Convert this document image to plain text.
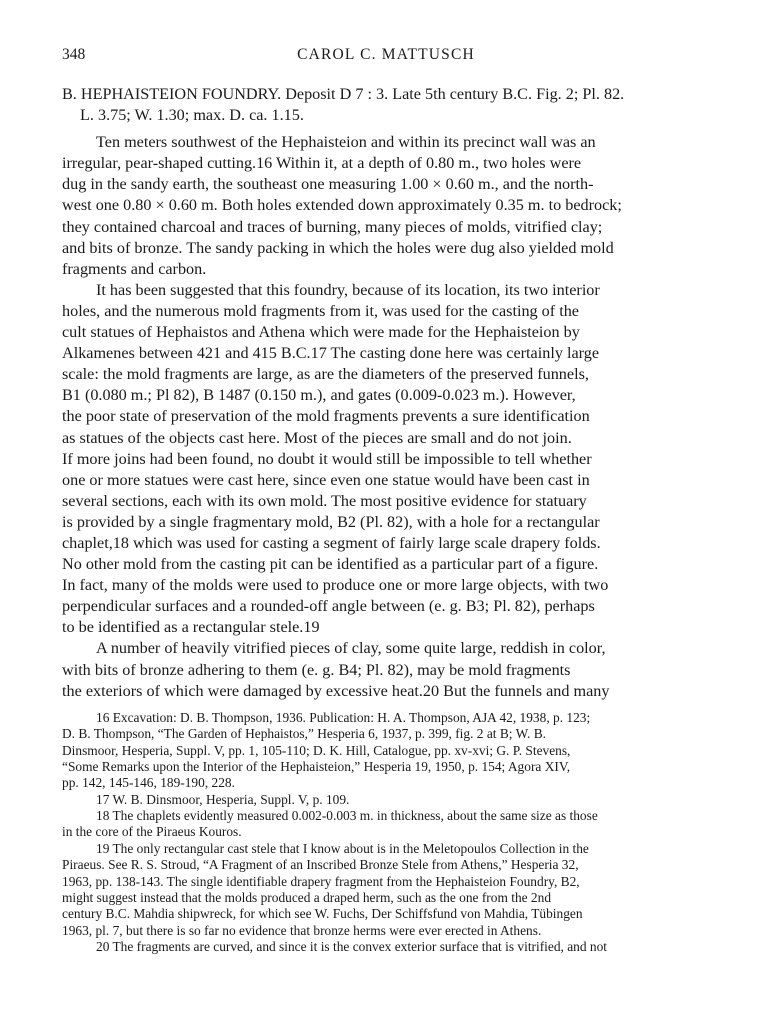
348	CAROL C. MATTUSCH
B. HEPHAISTEION FOUNDRY. Deposit D 7 : 3. Late 5th century B.C. Fig. 2; Pl. 82.
L. 3.75; W. 1.30; max. D. ca. 1.15.
Ten meters southwest of the Hephaisteion and within its precinct wall was an
irregular, pear-shaped cutting.16 Within it, at a depth of 0.80 m., two holes were
dug in the sandy earth, the southeast one measuring 1.00 × 0.60 m., and the north-
west one 0.80 × 0.60 m. Both holes extended down approximately 0.35 m. to bedrock;
they contained charcoal and traces of burning, many pieces of molds, vitrified clay;
and bits of bronze. The sandy packing in which the holes were dug also yielded mold
fragments and carbon.
It has been suggested that this foundry, because of its location, its two interior
holes, and the numerous mold fragments from it, was used for the casting of the
cult statues of Hephaistos and Athena which were made for the Hephaisteion by
Alkamenes between 421 and 415 B.C.17 The casting done here was certainly large
scale: the mold fragments are large, as are the diameters of the preserved funnels,
B1 (0.080 m.; Pl 82), B 1487 (0.150 m.), and gates (0.009-0.023 m.). However,
the poor state of preservation of the mold fragments prevents a sure identification
as statues of the objects cast here. Most of the pieces are small and do not join.
If more joins had been found, no doubt it would still be impossible to tell whether
one or more statues were cast here, since even one statue would have been cast in
several sections, each with its own mold. The most positive evidence for statuary
is provided by a single fragmentary mold, B2 (Pl. 82), with a hole for a rectangular
chaplet,18 which was used for casting a segment of fairly large scale drapery folds.
No other mold from the casting pit can be identified as a particular part of a figure.
In fact, many of the molds were used to produce one or more large objects, with two
perpendicular surfaces and a rounded-off angle between (e. g. B3; Pl. 82), perhaps
to be identified as a rectangular stele.19
A number of heavily vitrified pieces of clay, some quite large, reddish in color,
with bits of bronze adhering to them (e. g. B4; Pl. 82), may be mold fragments
the exteriors of which were damaged by excessive heat.20 But the funnels and many
16 Excavation: D. B. Thompson, 1936. Publication: H. A. Thompson, AJA 42, 1938, p. 123;
D. B. Thompson, “The Garden of Hephaistos,” Hesperia 6, 1937, p. 399, fig. 2 at B; W. B.
Dinsmoor, Hesperia, Suppl. V, pp. 1, 105-110; D. K. Hill, Catalogue, pp. xv-xvi; G. P. Stevens,
“Some Remarks upon the Interior of the Hephaisteion,” Hesperia 19, 1950, p. 154; Agora XIV,
pp. 142, 145-146, 189-190, 228.
17 W. B. Dinsmoor, Hesperia, Suppl. V, p. 109.
18 The chaplets evidently measured 0.002-0.003 m. in thickness, about the same size as those
in the core of the Piraeus Kouros.
19 The only rectangular cast stele that I know about is in the Meletopoulos Collection in the
Piraeus. See R. S. Stroud, “A Fragment of an Inscribed Bronze Stele from Athens,” Hesperia 32,
1963, pp. 138-143. The single identifiable drapery fragment from the Hephaisteion Foundry, B2,
might suggest instead that the molds produced a draped herm, such as the one from the 2nd
century B.C. Mahdia shipwreck, for which see W. Fuchs, Der Schiffsfund von Mahdia, Tübingen
1963, pl. 7, but there is so far no evidence that bronze herms were ever erected in Athens.
20 The fragments are curved, and since it is the convex exterior surface that is vitrified, and not
